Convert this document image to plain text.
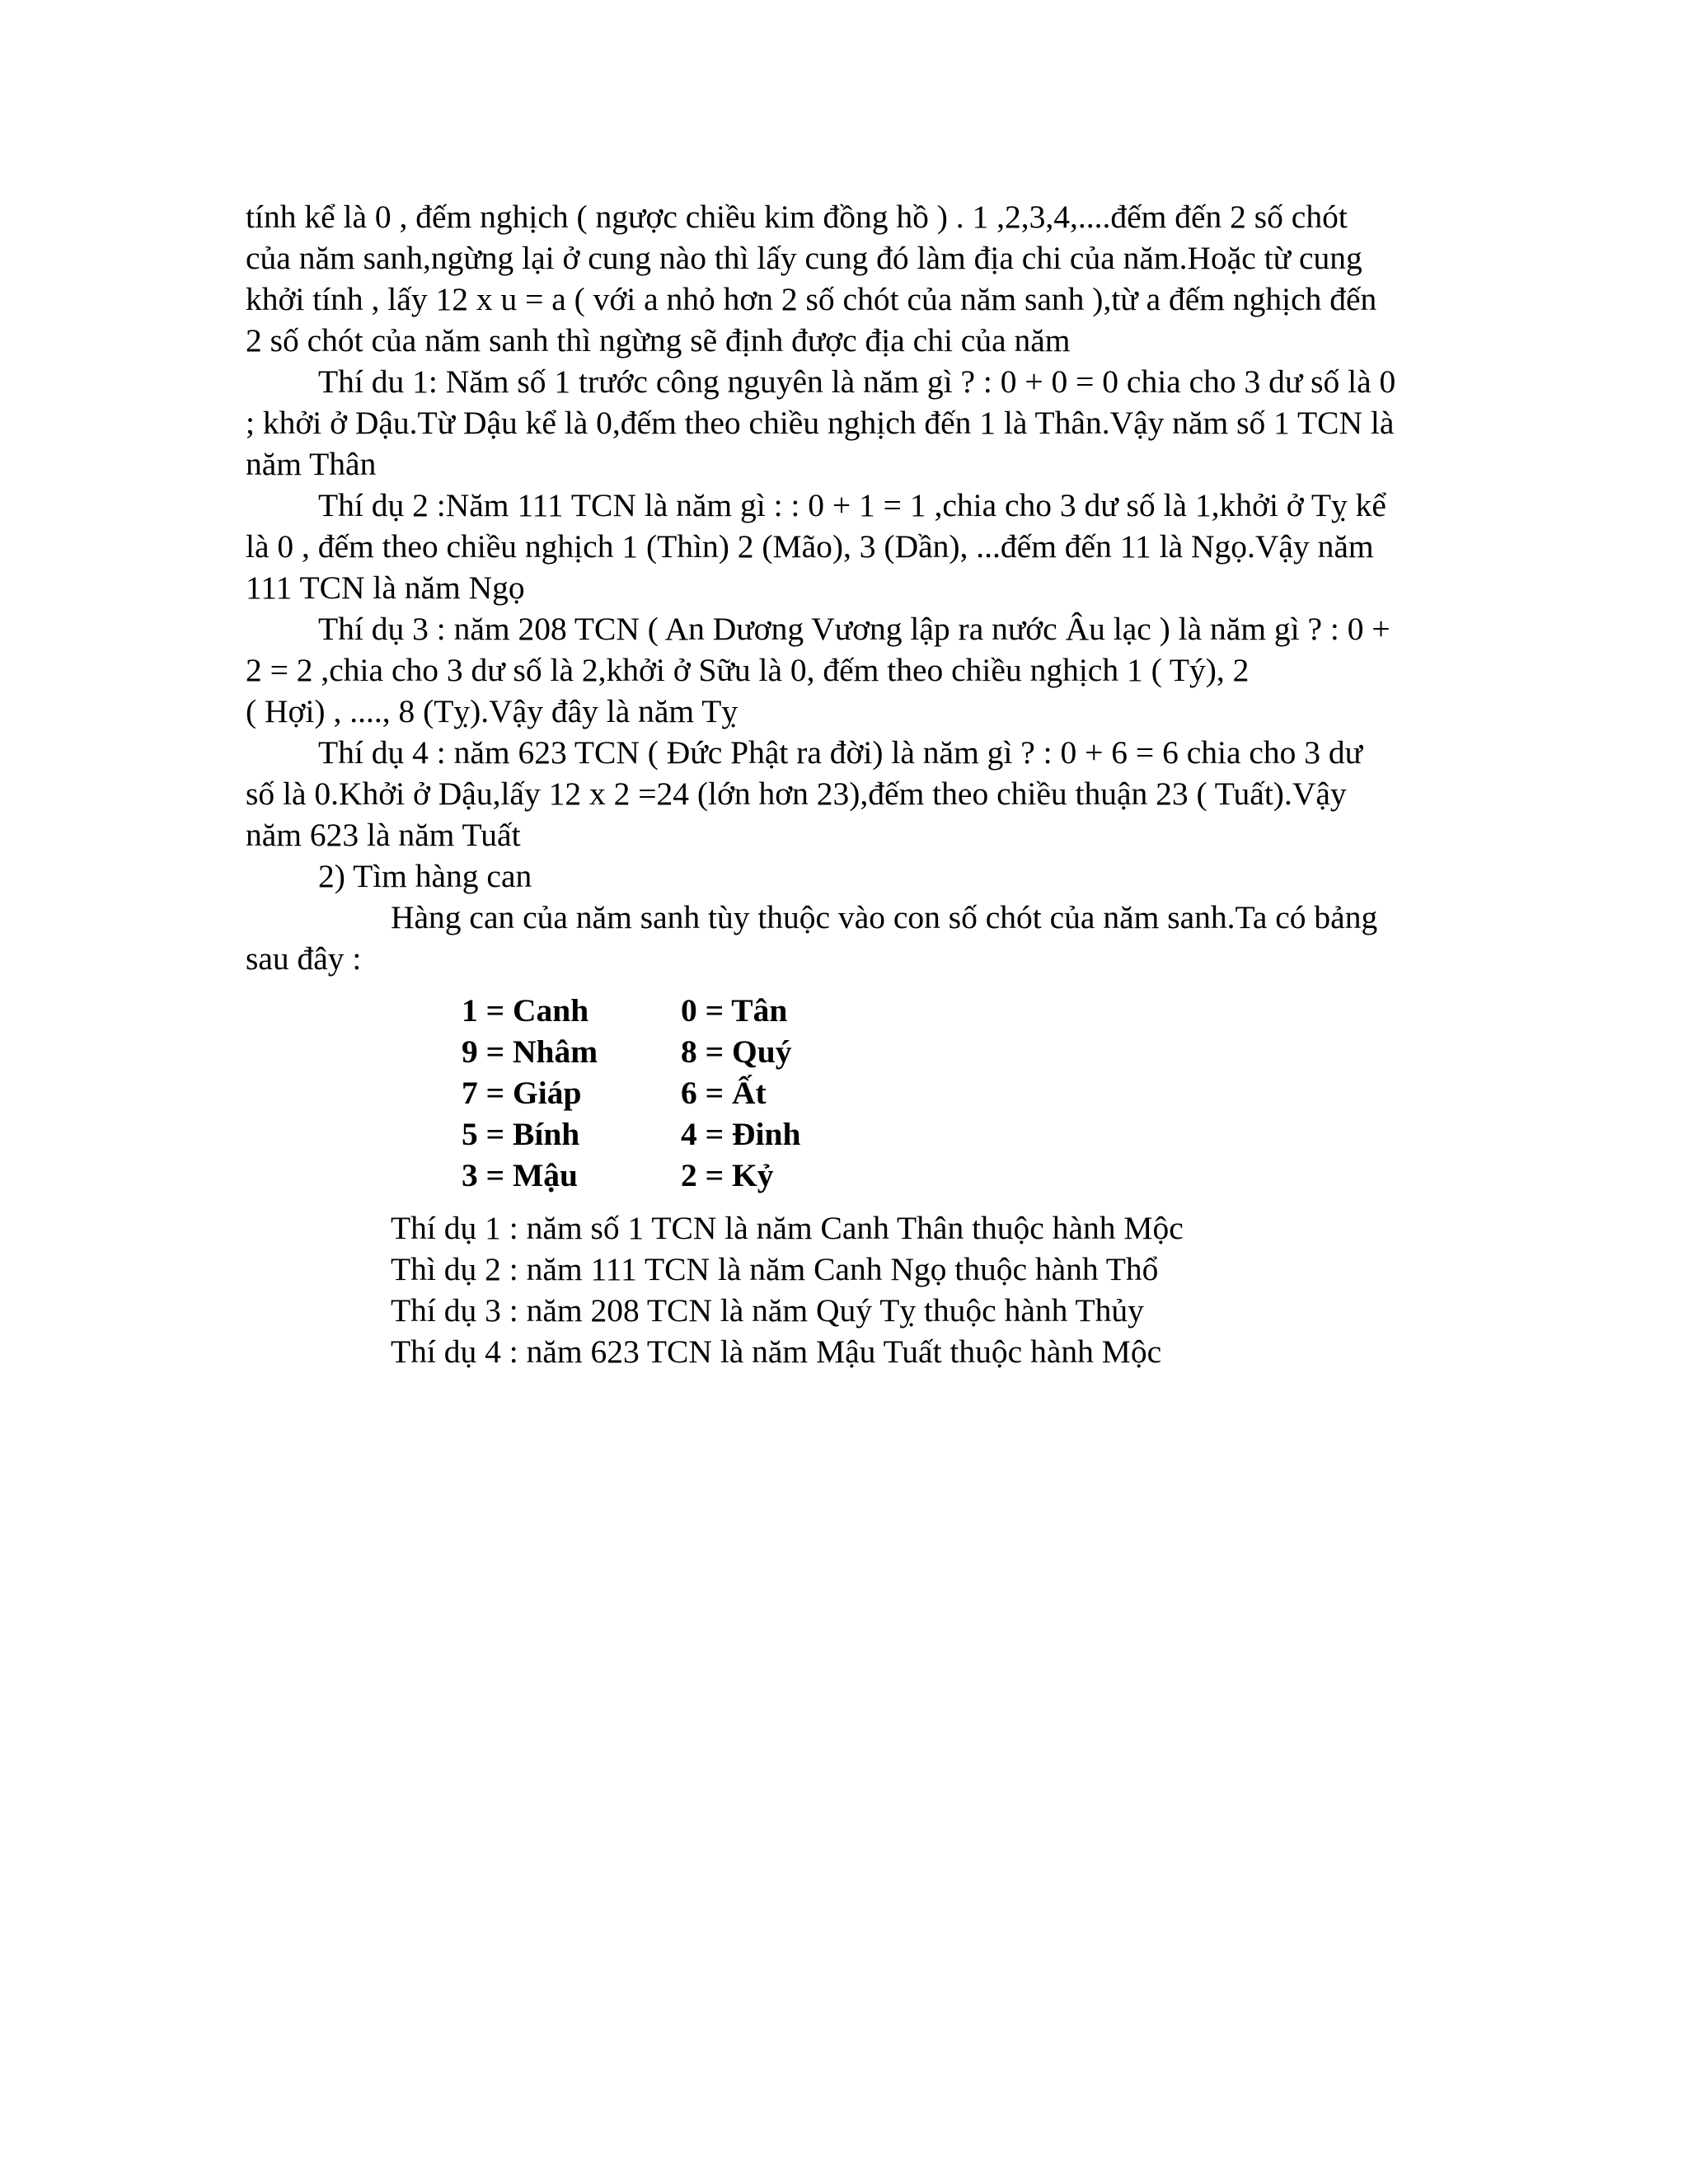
tính kể là 0 , đếm nghịch ( ngược chiều kim đồng hồ ) . 1 ,2,3,4,....đếm đến 2 số chót
của năm sanh,ngừng lại ở cung nào thì lấy cung đó làm địa chi của năm.Hoặc từ cung
khởi tính , lấy 12 x u = a ( với a nhỏ hơn 2 số chót của năm sanh ),từ a đếm nghịch đến
2 số chót của năm sanh thì ngừng sẽ định được địa chi của năm
Thí du 1: Năm số 1 trước công nguyên là năm gì ? : 0 + 0 = 0 chia cho 3 dư số là 0
; khởi ở Dậu.Từ Dậu kể là 0,đếm theo chiều nghịch đến 1 là Thân.Vậy năm số 1 TCN là
năm Thân
Thí dụ 2 :Năm 111 TCN là năm gì : : 0 + 1 = 1 ,chia cho 3 dư số là 1,khởi ở Tỵ kể
là 0 , đếm theo chiều nghịch 1 (Thìn) 2 (Mão), 3 (Dần), ...đếm đến 11 là Ngọ.Vậy năm
111 TCN là năm Ngọ
Thí dụ 3 : năm 208 TCN ( An Dương Vương lập ra nước Âu lạc ) là năm gì ? : 0 +
2 = 2 ,chia cho 3 dư số là 2,khởi ở Sữu là 0, đếm theo chiều nghịch 1 ( Tý), 2
( Hợi) , ...., 8 (Tỵ).Vậy đây là năm Tỵ
Thí dụ 4 : năm 623 TCN ( Đức Phật ra đời) là năm gì ? : 0 + 6 = 6 chia cho 3 dư
số là 0.Khởi ở Dậu,lấy 12 x 2 =24 (lớn hơn 23),đếm theo chiều thuận 23 ( Tuất).Vậy
năm 623 là năm Tuất
2) Tìm hàng can
Hàng can của năm sanh tùy thuộc vào con số chót của năm sanh.Ta có bảng
sau đây :
1 = Canh	0 = Tân
9 = Nhâm	8 = Quý
7 = Giáp	6 = Ất
5 = Bính	4 = Đinh
3 = Mậu	2 = Kỷ
Thí dụ 1 : năm số 1 TCN là năm Canh Thân thuộc hành Mộc
Thì dụ 2 : năm 111 TCN là năm Canh Ngọ thuộc hành Thổ
Thí dụ 3 : năm 208 TCN là năm Quý Tỵ thuộc hành Thủy
Thí dụ 4 : năm 623 TCN là năm Mậu Tuất thuộc hành Mộc
